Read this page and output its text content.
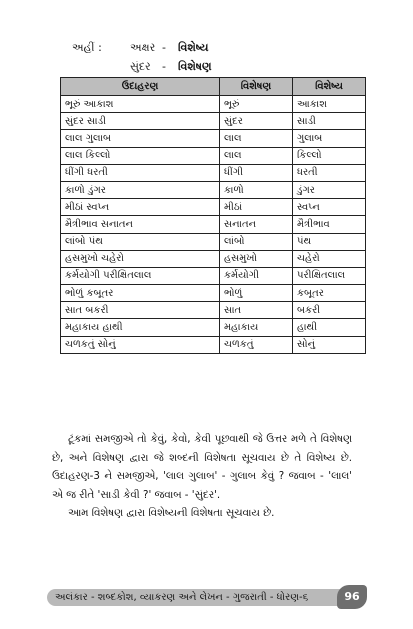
અહીં :	અક્ષર -	વિશેષ્ય
સુંદર	-	વિશેષણ
ઉદાહરણ	વિશેષણ	વિશેષ્ય
ભૂરું આકાશ	ભૂરું	આકાશ
સુંદર સાડી	સુંદર	સાડી
લાલ ગુલાબ	લાલ	ગુલાબ
લાલ કિલ્લો	લાલ	કિલ્લો
ધીંગી ધરતી	ધીંગી	ધરતી
કાળો ડુંગર	કાળો	ડુંગર
મીઠાં સ્વપ્ન	મીઠાં	સ્વપ્ન
મૈત્રીભાવ સનાતન	સનાતન	મૈત્રીભાવ
લાંબો પંથ	લાંબો	પંથ
હસમુખો ચહેરો	હસમુખો	ચહેરો
કર્મયોગી પરીક્ષિતલાલ	કર્મયોગી	પરીક્ષિતલાલ
ભોળું કબૂતર	ભોળું	કબૂતર
સાત બકરી	સાત	બકરી
મહાકાય હાથી	મહાકાય	હાથી
ચળકતું સોનું	ચળકતું	સોનું

ટૂંકમાં સમજીએ તો કેવું, કેવો, કેવી પૂછવાથી જે ઉત્તર મળે તે વિશેષણ છે, અને વિશેષણ દ્વારા જે શબ્દની વિશેષતા સૂચવાય છે તે વિશેષ્ય છે. ઉદાહરણ-3 ને સમજીએ, 'લાલ ગુલાબ' - ગુલાબ કેવું ? જવાબ - 'લાલ' એ જ રીતે 'સાડી કેવી ?' જવાબ - 'સુંદર'.

આમ વિશેષણ દ્વારા વિશેષ્યની વિશેષતા સૂચવાય છે.

અલંકાર - શબ્દકોશ, વ્યાકરણ અને લેખન - ગુજરાતી - ધોરણ-૬	96
